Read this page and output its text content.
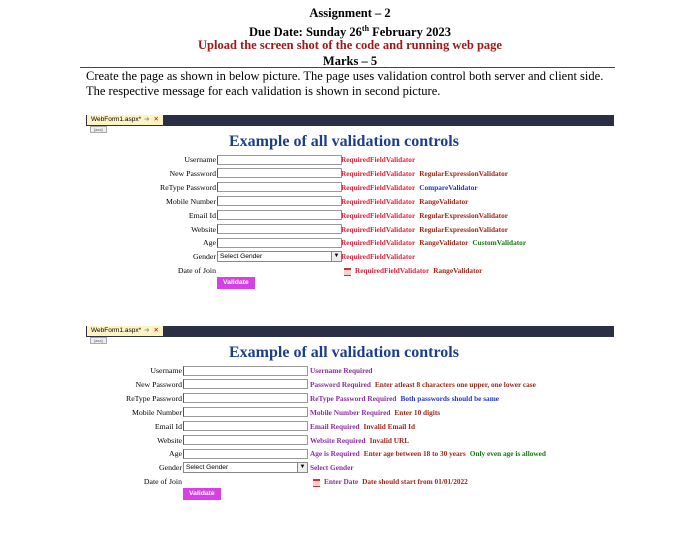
Assignment – 2
Due Date: Sunday 26th February 2023
Upload the screen shot of the code and running web page
Marks – 5
Create the page as shown in below picture. The page uses validation control both server and client side. The respective message for each validation is shown in second picture.
WebForm1.aspx* ➔ ✕
[asa]
Example of all validation controls
Username	RequiredFieldValidator
New Password	RequiredFieldValidator RegularExpressionValidator
ReType Password	RequiredFieldValidator CompareValidator
Mobile Number	RequiredFieldValidator RangeValidator
Email Id	RequiredFieldValidator RegularExpressionValidator
Website	RequiredFieldValidator RegularExpressionValidator
Age	RequiredFieldValidator RangeValidator CustomValidator
Gender Select Gender	▼ RequiredFieldValidator
Date of Join	RequiredFieldValidator RangeValidator
Validate
WebForm1.aspx* ➔ ✕
[asa]
Example of all validation controls
Username	Username Required
New Password	Password Required Enter atleast 8 characters one upper, one lower case
ReType Password	ReType Password Required Both passwords should be same
Mobile Number	Mobile Number Required Enter 10 digits
Email Id	Email Required Invalid Email Id
Website	Website Required Invalid URL
Age	Age is Required Enter age between 18 to 30 years Only even age is allowed
Gender Select Gender	▼ Select Gender
Date of Join	Enter Date Date should start from 01/01/2022
Validate
